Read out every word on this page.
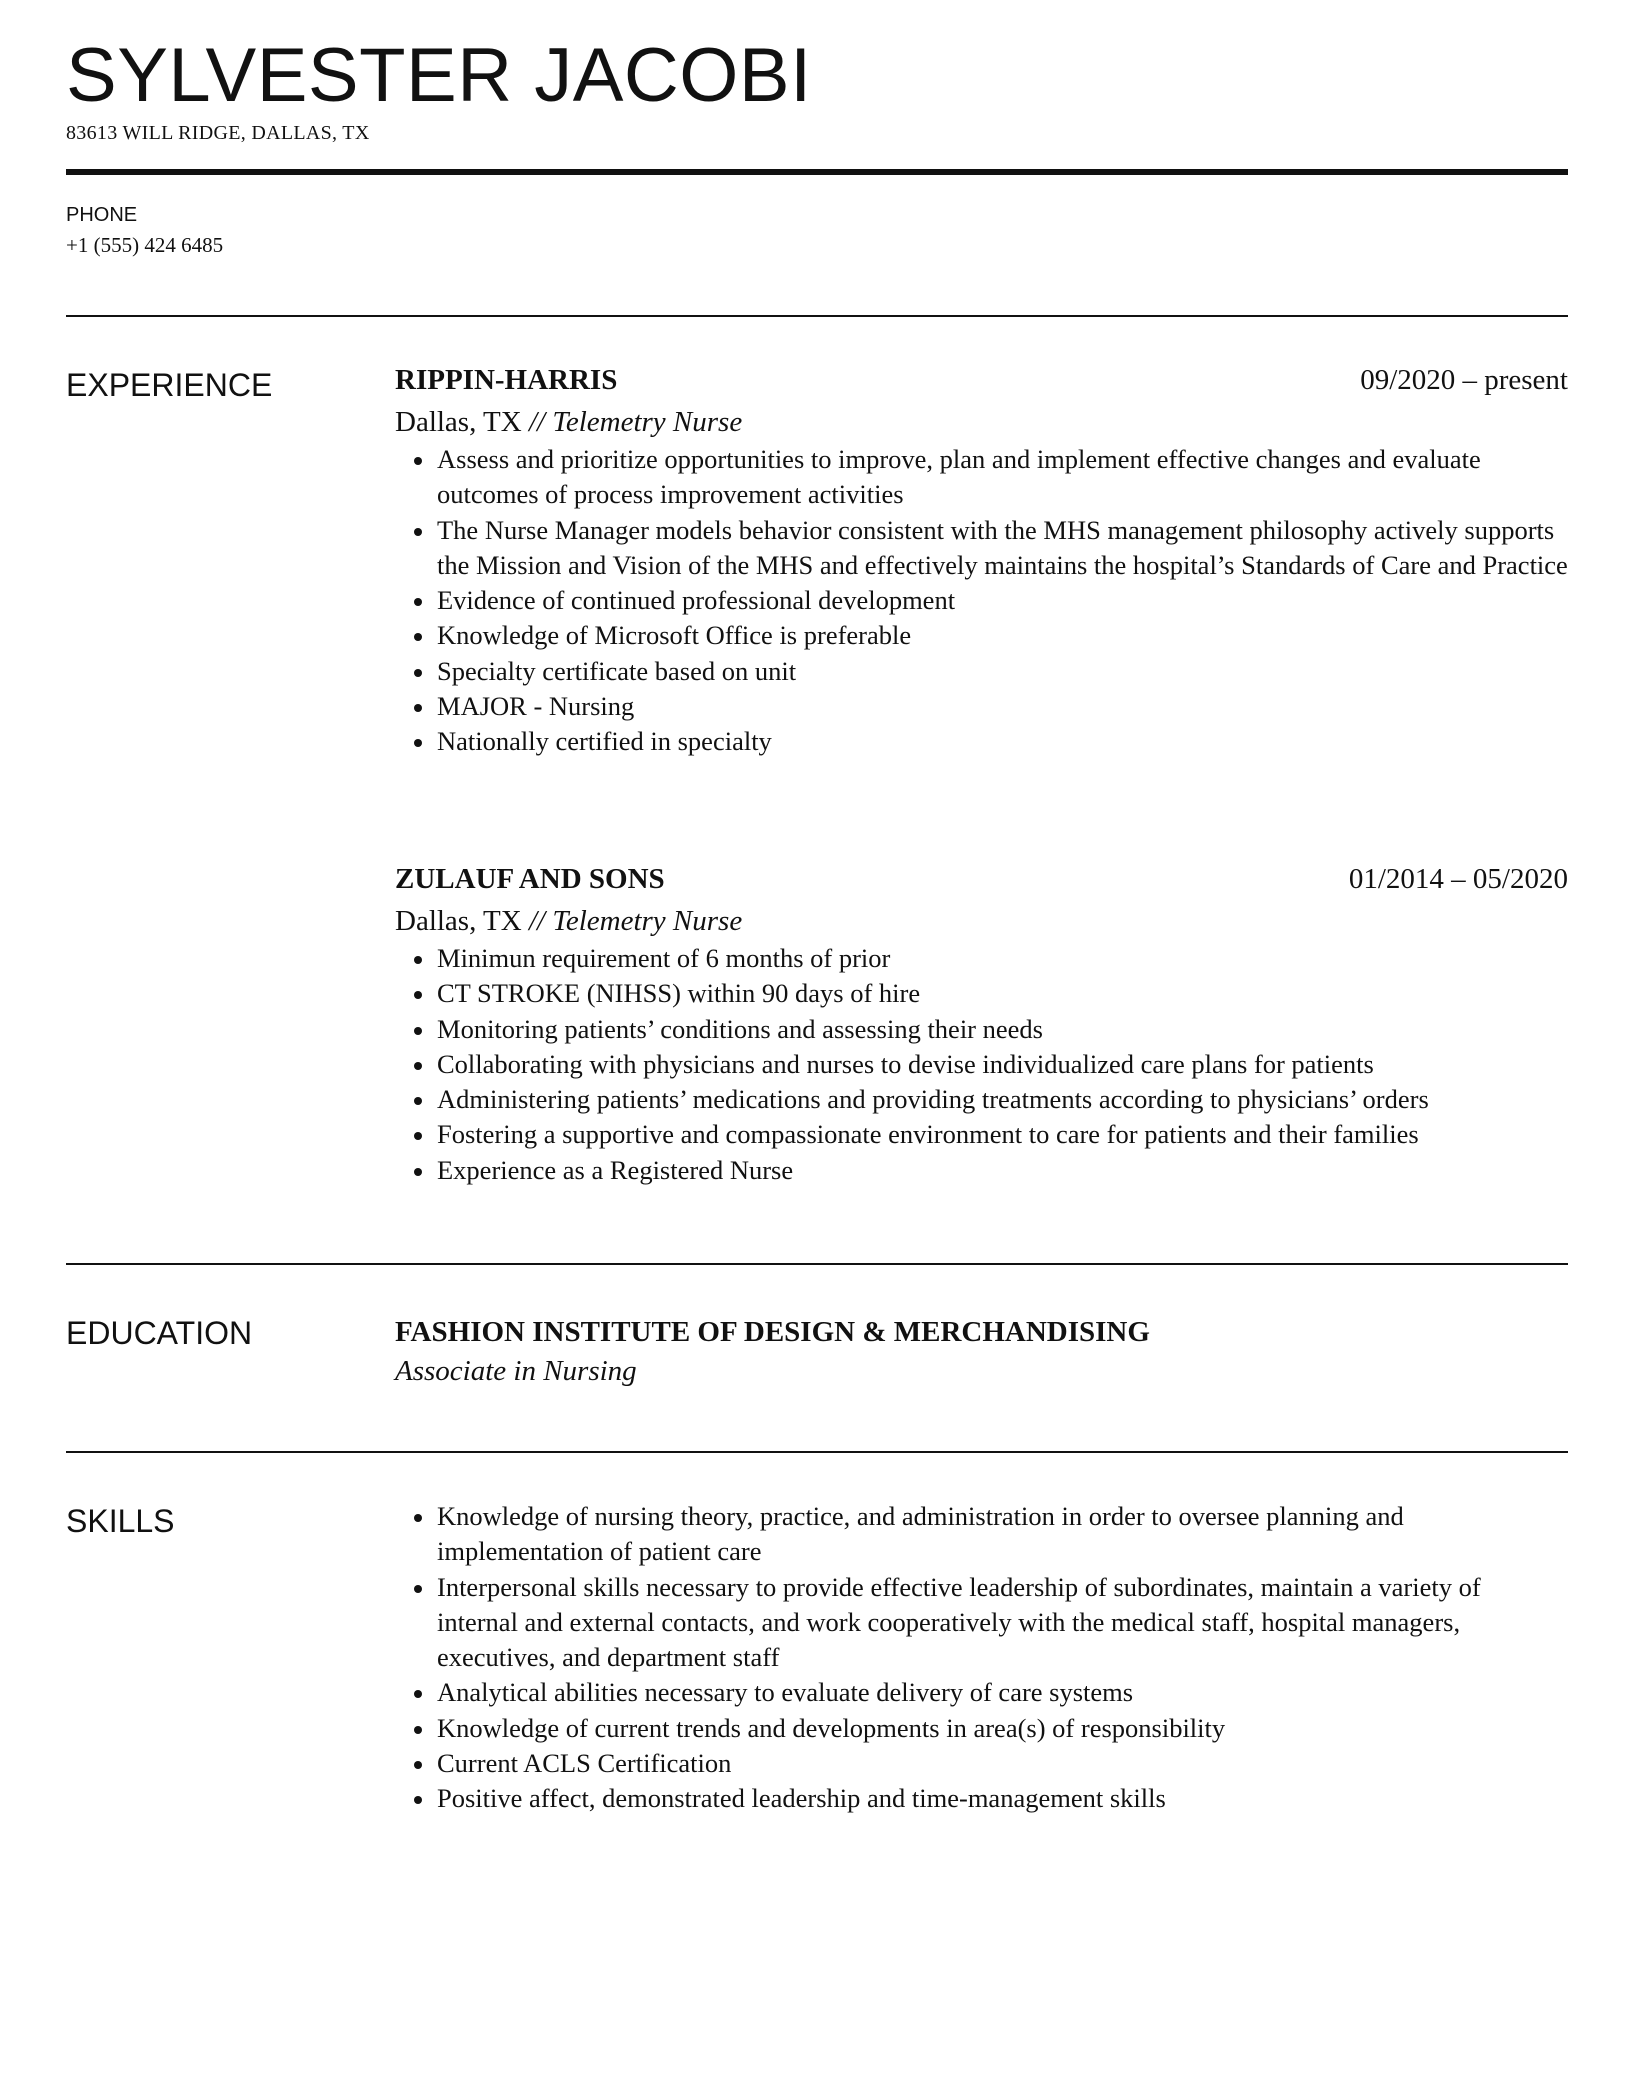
SYLVESTER JACOBI
83613 WILL RIDGE, DALLAS, TX
PHONE
+1 (555) 424 6485
EXPERIENCE	RIPPIN-HARRIS	09/2020 – present
Dallas, TX // Telemetry Nurse
Assess and prioritize opportunities to improve, plan and implement effective changes and evaluate outcomes of process improvement activities
The Nurse Manager models behavior consistent with the MHS management philosophy actively supports the Mission and Vision of the MHS and effectively maintains the hospital’s Standards of Care and Practice
Evidence of continued professional development
Knowledge of Microsoft Office is preferable
Specialty certificate based on unit
MAJOR - Nursing
Nationally certified in specialty
ZULAUF AND SONS	01/2014 – 05/2020
Dallas, TX // Telemetry Nurse
Minimun requirement of 6 months of prior
CT STROKE (NIHSS) within 90 days of hire
Monitoring patients’ conditions and assessing their needs
Collaborating with physicians and nurses to devise individualized care plans for patients
Administering patients’ medications and providing treatments according to physicians’ orders
Fostering a supportive and compassionate environment to care for patients and their families
Experience as a Registered Nurse
EDUCATION	FASHION INSTITUTE OF DESIGN & MERCHANDISING
Associate in Nursing
SKILLS	Knowledge of nursing theory, practice, and administration in order to oversee planning and implementation of patient care
Interpersonal skills necessary to provide effective leadership of subordinates, maintain a variety of internal and external contacts, and work cooperatively with the medical staff, hospital managers, executives, and department staff
Analytical abilities necessary to evaluate delivery of care systems
Knowledge of current trends and developments in area(s) of responsibility
Current ACLS Certification
Positive affect, demonstrated leadership and time-management skills
